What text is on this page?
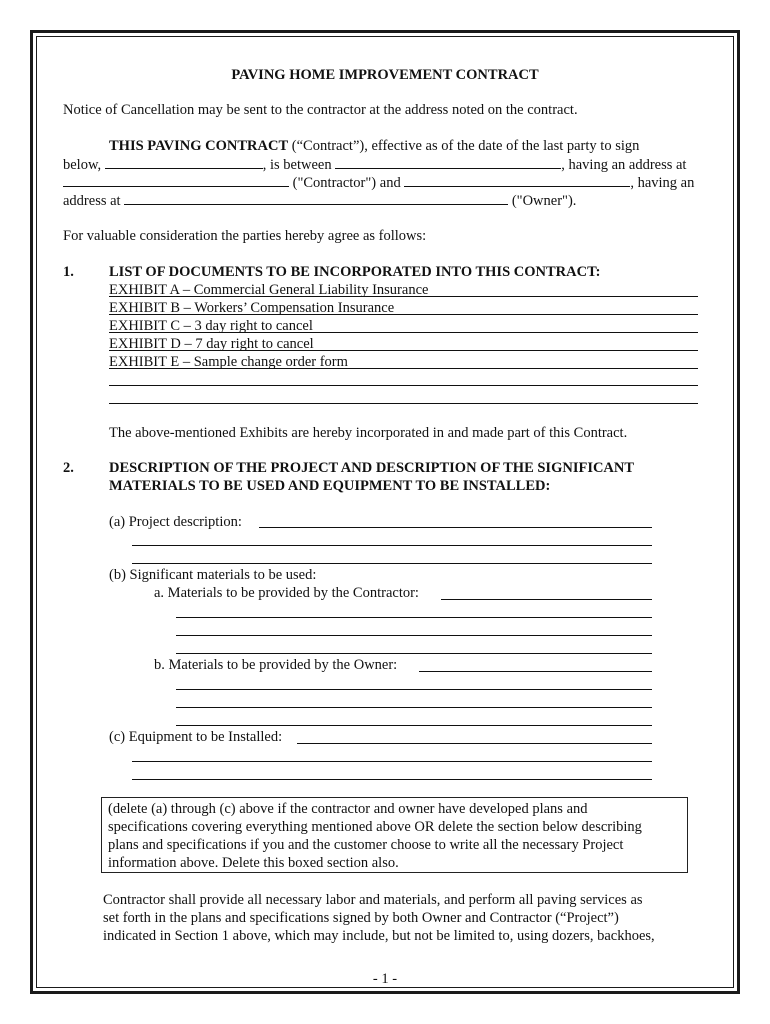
PAVING HOME IMPROVEMENT CONTRACT
Notice of Cancellation may be sent to the contractor at the address noted on the contract.
THIS PAVING CONTRACT (“Contract”), effective as of the date of the last party to sign
below,	, is between	, having an address at
("Contractor") and	, having an
address at	("Owner").
For valuable consideration the parties hereby agree as follows:
1. LIST OF DOCUMENTS TO BE INCORPORATED INTO THIS CONTRACT:
EXHIBIT A – Commercial General Liability Insurance
EXHIBIT B – Workers’ Compensation Insurance
EXHIBIT C – 3 day right to cancel
EXHIBIT D – 7 day right to cancel
EXHIBIT E – Sample change order form
The above-mentioned Exhibits are hereby incorporated in and made part of this Contract.
2. DESCRIPTION OF THE PROJECT AND DESCRIPTION OF THE SIGNIFICANT
MATERIALS TO BE USED AND EQUIPMENT TO BE INSTALLED:
(a) Project description:
(b) Significant materials to be used:
a. Materials to be provided by the Contractor:
b. Materials to be provided by the Owner:
(c) Equipment to be Installed:
(delete (a) through (c) above if the contractor and owner have developed plans and
specifications covering everything mentioned above OR delete the section below describing
plans and specifications if you and the customer choose to write all the necessary Project
information above. Delete this boxed section also.
Contractor shall provide all necessary labor and materials, and perform all paving services as
set forth in the plans and specifications signed by both Owner and Contractor (“Project”)
indicated in Section 1 above, which may include, but not be limited to, using dozers, backhoes,
- 1 -
